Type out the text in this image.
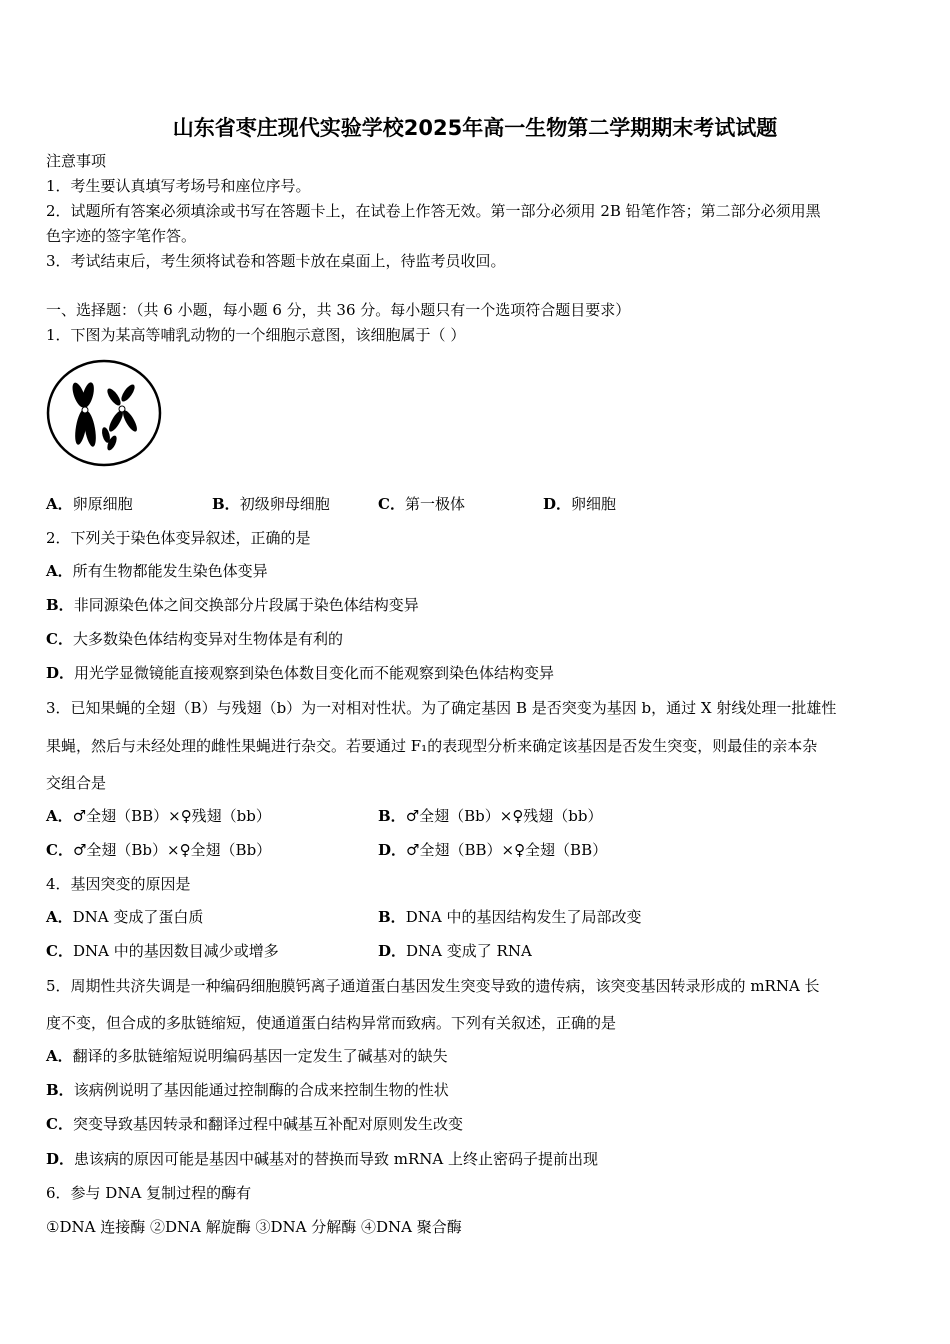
山东省枣庄现代实验学校2025年高一生物第二学期期末考试试题
注意事项
1．考生要认真填写考场号和座位序号。
2．试题所有答案必须填涂或书写在答题卡上，在试卷上作答无效。第一部分必须用 2B 铅笔作答；第二部分必须用黑
色字迹的签字笔作答。
3．考试结束后，考生须将试卷和答题卡放在桌面上，待监考员收回。
一、选择题：（共 6 小题，每小题 6 分，共 36 分。每小题只有一个选项符合题目要求）
1．下图为某高等哺乳动物的一个细胞示意图，该细胞属于（ ）
A．卵原细胞	B．初级卵母细胞	C．第一极体	D．卵细胞
2．下列关于染色体变异叙述，正确的是
A．所有生物都能发生染色体变异
B．非同源染色体之间交换部分片段属于染色体结构变异
C．大多数染色体结构变异对生物体是有利的
D．用光学显微镜能直接观察到染色体数目变化而不能观察到染色体结构变异
3．已知果蝇的全翅（B）与残翅（b）为一对相对性状。为了确定基因 B 是否突变为基因 b，通过 X 射线处理一批雄性
果蝇，然后与未经处理的雌性果蝇进行杂交。若要通过 F₁的表现型分析来确定该基因是否发生突变，则最佳的亲本杂
交组合是
A．♂全翅（BB）×♀残翅（bb）	B．♂全翅（Bb）×♀残翅（bb）
C．♂全翅（Bb）×♀全翅（Bb）	D．♂全翅（BB）×♀全翅（BB）
4．基因突变的原因是
A．DNA 变成了蛋白质	B．DNA 中的基因结构发生了局部改变
C．DNA 中的基因数目减少或增多	D．DNA 变成了 RNA
5．周期性共济失调是一种编码细胞膜钙离子通道蛋白基因发生突变导致的遗传病，该突变基因转录形成的 mRNA 长
度不变，但合成的多肽链缩短，使通道蛋白结构异常而致病。下列有关叙述，正确的是
A．翻译的多肽链缩短说明编码基因一定发生了碱基对的缺失
B．该病例说明了基因能通过控制酶的合成来控制生物的性状
C．突变导致基因转录和翻译过程中碱基互补配对原则发生改变
D．患该病的原因可能是基因中碱基对的替换而导致 mRNA 上终止密码子提前出现
6．参与 DNA 复制过程的酶有
①DNA 连接酶 ②DNA 解旋酶 ③DNA 分解酶 ④DNA 聚合酶
